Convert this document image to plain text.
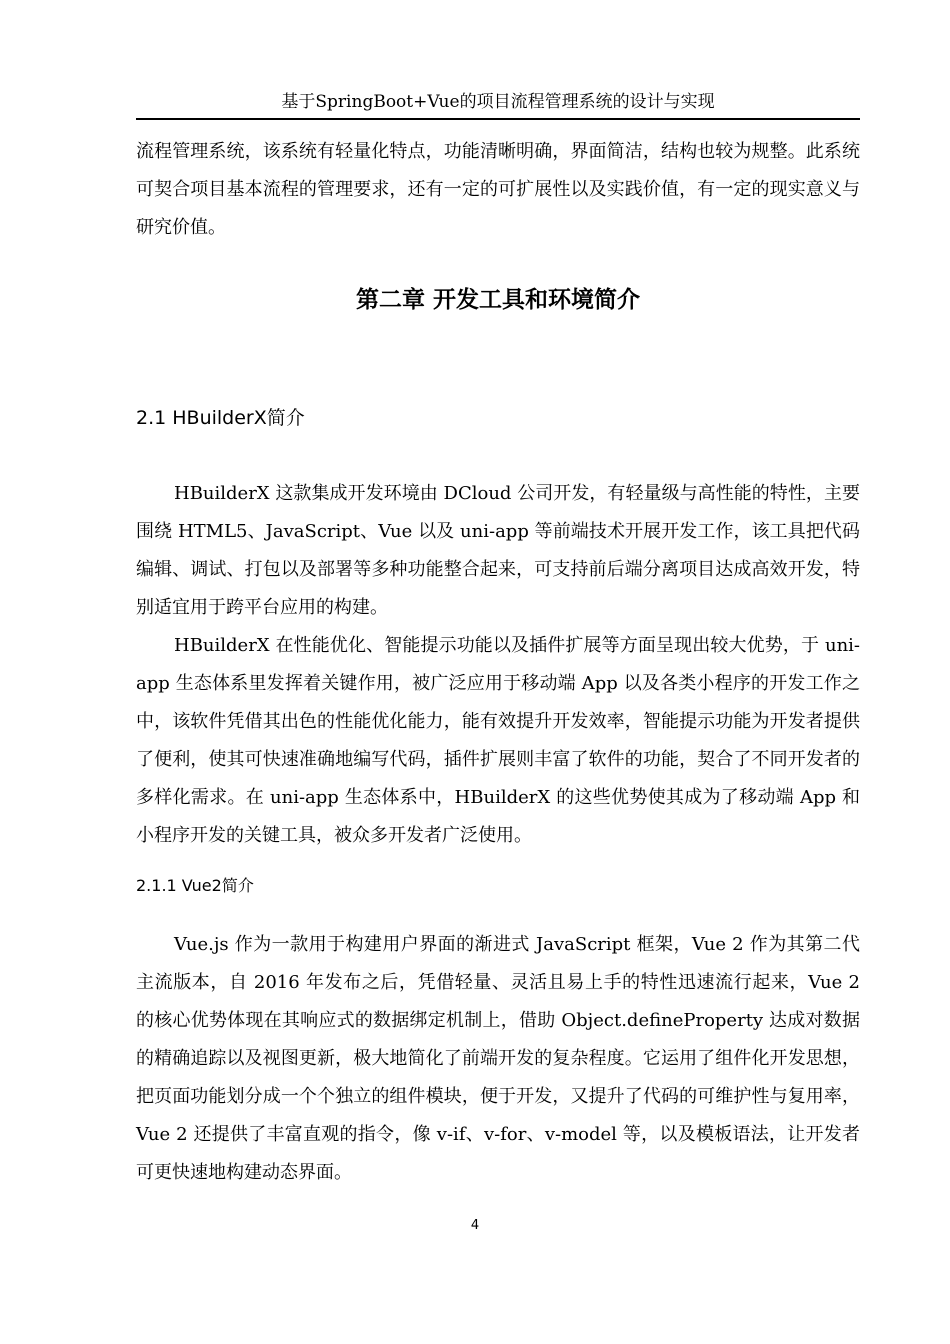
基于SpringBoot+Vue的项目流程管理系统的设计与实现

流程管理系统，该系统有轻量化特点，功能清晰明确，界面简洁，结构也较为规整。此系统可契合项目基本流程的管理要求，还有一定的可扩展性以及实践价值，有一定的现实意义与研究价值。

第二章 开发工具和环境简介
2.1 HBuilderX简介

HBuilderX 这款集成开发环境由 DCloud 公司开发，有轻量级与高性能的特性，主要围绕 HTML5、JavaScript、Vue 以及 uni-app 等前端技术开展开发工作，该工具把代码编辑、调试、打包以及部署等多种功能整合起来，可支持前后端分离项目达成高效开发，特别适宜用于跨平台应用的构建。

HBuilderX 在性能优化、智能提示功能以及插件扩展等方面呈现出较大优势，于 uni-app 生态体系里发挥着关键作用，被广泛应用于移动端 App 以及各类小程序的开发工作之中，该软件凭借其出色的性能优化能力，能有效提升开发效率，智能提示功能为开发者提供了便利，使其可快速准确地编写代码，插件扩展则丰富了软件的功能，契合了不同开发者的多样化需求。在 uni-app 生态体系中，HBuilderX 的这些优势使其成为了移动端 App 和小程序开发的关键工具，被众多开发者广泛使用。

2.1.1 Vue2简介

Vue.js 作为一款用于构建用户界面的渐进式 JavaScript 框架，Vue 2 作为其第二代主流版本，自 2016 年发布之后，凭借轻量、灵活且易上手的特性迅速流行起来，Vue 2 的核心优势体现在其响应式的数据绑定机制上，借助 Object.defineProperty 达成对数据的精确追踪以及视图更新，极大地简化了前端开发的复杂程度。它运用了组件化开发思想，把页面功能划分成一个个独立的组件模块，便于开发，又提升了代码的可维护性与复用率，Vue 2 还提供了丰富直观的指令，像 v-if、v-for、v-model 等，以及模板语法，让开发者可更快速地构建动态界面。

4
